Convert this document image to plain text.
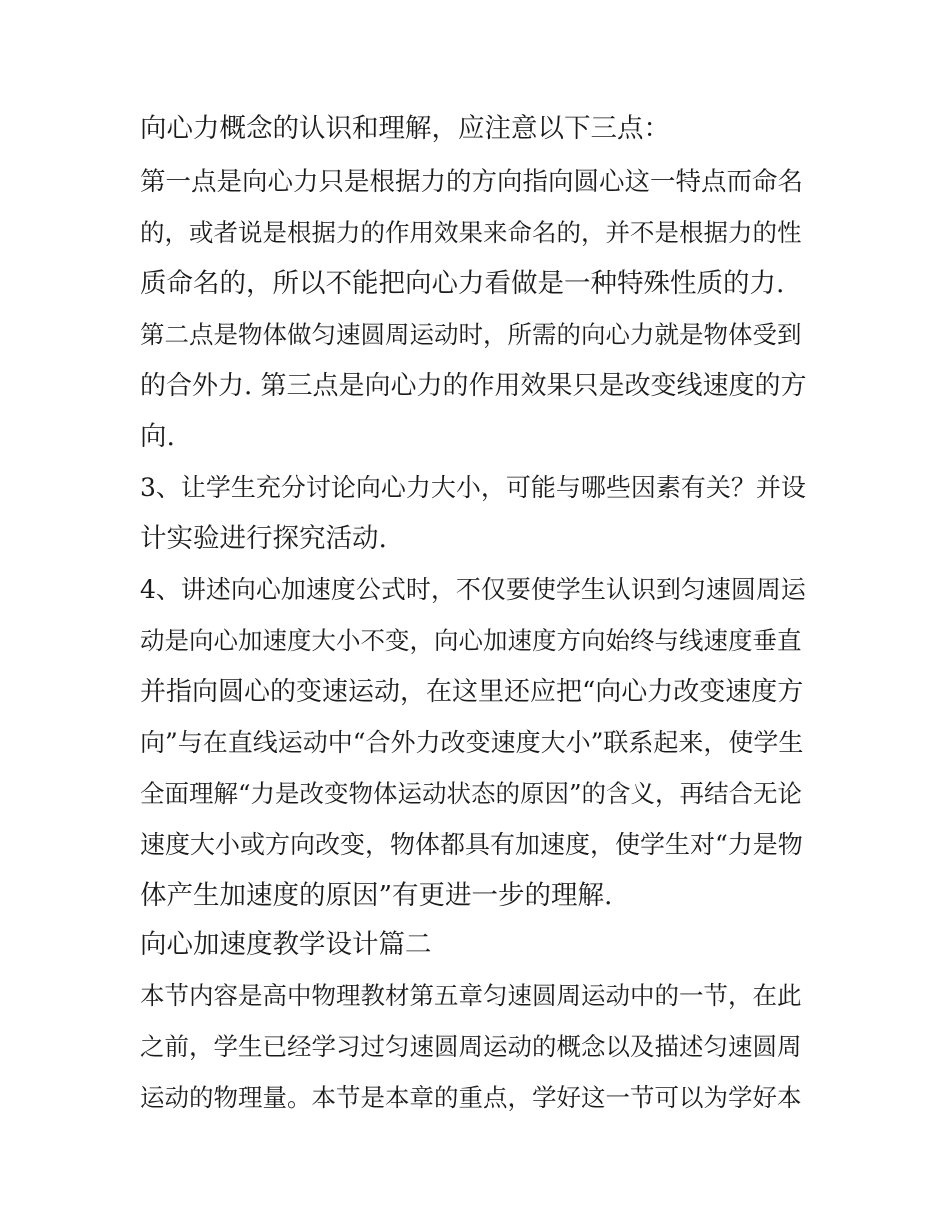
向心力概念的认识和理解，应注意以下三点：
第一点是向心力只是根据力的方向指向圆心这一特点而命名
的，或者说是根据力的作用效果来命名的，并不是根据力的性
质命名的，所以不能把向心力看做是一种特殊性质的力.
第二点是物体做匀速圆周运动时，所需的向心力就是物体受到
的合外力. 第三点是向心力的作用效果只是改变线速度的方
向.
3、让学生充分讨论向心力大小，可能与哪些因素有关？并设
计实验进行探究活动.
4、讲述向心加速度公式时，不仅要使学生认识到匀速圆周运
动是向心加速度大小不变，向心加速度方向始终与线速度垂直
并指向圆心的变速运动，在这里还应把“向心力改变速度方
向”与在直线运动中“合外力改变速度大小”联系起来，使学生
全面理解“力是改变物体运动状态的原因”的含义，再结合无论
速度大小或方向改变，物体都具有加速度，使学生对“力是物
体产生加速度的原因”有更进一步的理解.
向心加速度教学设计篇二
本节内容是高中物理教材第五章匀速圆周运动中的一节，在此
之前，学生已经学习过匀速圆周运动的概念以及描述匀速圆周
运动的物理量。本节是本章的重点，学好这一节可以为学好本
